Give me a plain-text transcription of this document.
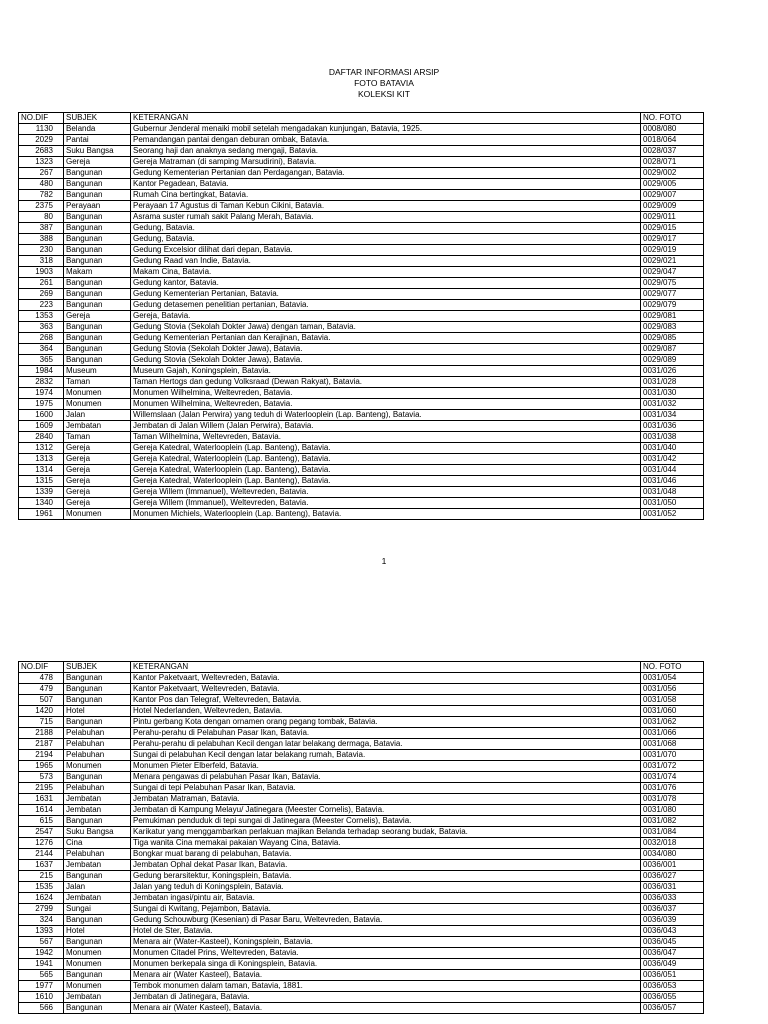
DAFTAR INFORMASI ARSIP
FOTO BATAVIA
KOLEKSI KIT
NO.DIF	SUBJEK	KETERANGAN	NO. FOTO
1130	Belanda	Gubernur Jenderal menaiki mobil setelah mengadakan kunjungan, Batavia, 1925.	0008/080
2029	Pantai	Pemandangan pantai dengan deburan ombak, Batavia.	0018/064
2683	Suku Bangsa	Seorang haji dan anaknya sedang mengaji, Batavia.	0028/037
1323	Gereja	Gereja Matraman (di samping Marsudirini), Batavia.	0028/071
267	Bangunan	Gedung Kementerian Pertanian dan Perdagangan, Batavia.	0029/002
480	Bangunan	Kantor Pegadean, Batavia.	0029/005
782	Bangunan	Rumah Cina bertingkat, Batavia.	0029/007
2375	Perayaan	Perayaan 17 Agustus di Taman Kebun Cikini, Batavia.	0029/009
80	Bangunan	Asrama suster rumah sakit Palang Merah, Batavia.	0029/011
387	Bangunan	Gedung, Batavia.	0029/015
388	Bangunan	Gedung, Batavia.	0029/017
230	Bangunan	Gedung Excelsior dilihat dari depan, Batavia.	0029/019
318	Bangunan	Gedung Raad van Indie, Batavia.	0029/021
1903	Makam	Makam Cina, Batavia.	0029/047
261	Bangunan	Gedung kantor, Batavia.	0029/075
269	Bangunan	Gedung Kementerian Pertanian, Batavia.	0029/077
223	Bangunan	Gedung detasemen penelitian pertanian, Batavia.	0029/079
1353	Gereja	Gereja, Batavia.	0029/081
363	Bangunan	Gedung Stovia (Sekolah Dokter Jawa) dengan taman, Batavia.	0029/083
268	Bangunan	Gedung Kementerian Pertanian dan Kerajinan, Batavia.	0029/085
364	Bangunan	Gedung Stovia (Sekolah Dokter Jawa), Batavia.	0029/087
365	Bangunan	Gedung Stovia (Sekolah Dokter Jawa), Batavia.	0029/089
1984	Museum	Museum Gajah, Koningsplein, Batavia.	0031/026
2832	Taman	Taman Hertogs dan gedung Volksraad (Dewan Rakyat), Batavia.	0031/028
1974	Monumen	Monumen Wilhelmina, Weltevreden, Batavia.	0031/030
1975	Monumen	Monumen Wilhelmina, Weltevreden, Batavia.	0031/032
1600	Jalan	Willemslaan (Jalan Perwira) yang teduh di Waterlooplein (Lap. Banteng), Batavia.	0031/034
1609	Jembatan	Jembatan di Jalan Willem (Jalan Perwira), Batavia.	0031/036
2840	Taman	Taman Wilhelmina, Weltevreden, Batavia.	0031/038
1312	Gereja	Gereja Katedral, Waterlooplein (Lap. Banteng), Batavia.	0031/040
1313	Gereja	Gereja Katedral, Waterlooplein (Lap. Banteng), Batavia.	0031/042
1314	Gereja	Gereja Katedral, Waterlooplein (Lap. Banteng), Batavia.	0031/044
1315	Gereja	Gereja Katedral, Waterlooplein (Lap. Banteng), Batavia.	0031/046
1339	Gereja	Gereja Willem (Immanuel), Weltevreden, Batavia.	0031/048
1340	Gereja	Gereja Willem (Immanuel), Weltevreden, Batavia.	0031/050
1961	Monumen	Monumen Michiels, Waterlooplein (Lap. Banteng), Batavia.	0031/052
1
NO.DIF	SUBJEK	KETERANGAN	NO. FOTO
478	Bangunan	Kantor Paketvaart, Weltevreden, Batavia.	0031/054
479	Bangunan	Kantor Paketvaart, Weltevreden, Batavia.	0031/056
507	Bangunan	Kantor Pos dan Telegraf, Weltevreden, Batavia.	0031/058
1420	Hotel	Hotel Nederlanden, Weltevreden, Batavia.	0031/060
715	Bangunan	Pintu gerbang Kota dengan ornamen orang pegang tombak, Batavia.	0031/062
2188	Pelabuhan	Perahu-perahu di Pelabuhan Pasar Ikan, Batavia.	0031/066
2187	Pelabuhan	Perahu-perahu di pelabuhan Kecil dengan latar belakang dermaga, Batavia.	0031/068
2194	Pelabuhan	Sungai di pelabuhan Kecil dengan latar belakang rumah, Batavia.	0031/070
1965	Monumen	Monumen Pieter Elberfeld, Batavia.	0031/072
573	Bangunan	Menara pengawas di pelabuhan Pasar Ikan, Batavia.	0031/074
2195	Pelabuhan	Sungai di tepi Pelabuhan Pasar Ikan, Batavia.	0031/076
1631	Jembatan	Jembatan Matraman, Batavia.	0031/078
1614	Jembatan	Jembatan di Kampung Melayu/ Jatinegara (Meester Cornelis), Batavia.	0031/080
615	Bangunan	Pemukiman penduduk di tepi sungai di Jatinegara (Meester Cornelis), Batavia.	0031/082
2547	Suku Bangsa	Karikatur yang menggambarkan perlakuan majikan Belanda terhadap seorang budak, Batavia.	0031/084
1276	Cina	Tiga wanita Cina memakai pakaian Wayang Cina, Batavia.	0032/018
2144	Pelabuhan	Bongkar muat barang di pelabuhan, Batavia.	0034/080
1637	Jembatan	Jembatan Ophal dekat Pasar Ikan, Batavia.	0036/001
215	Bangunan	Gedung berarsitektur, Koningsplein, Batavia.	0036/027
1535	Jalan	Jalan yang teduh di Koningsplein, Batavia.	0036/031
1624	Jembatan	Jembatan ingasi/pintu air, Batavia.	0036/033
2799	Sungai	Sungai di Kwitang, Pejambon, Batavia.	0036/037
324	Bangunan	Gedung Schouwburg (Kesenian) di Pasar Baru, Weltevreden, Batavia.	0036/039
1393	Hotel	Hotel de Ster, Batavia.	0036/043
567	Bangunan	Menara air (Water-Kasteel), Koningsplein, Batavia.	0036/045
1942	Monumen	Monumen Citadel Prins, Weltevreden, Batavia.	0036/047
1941	Monumen	Monumen berkepala singa di Koningsplein, Batavia.	0036/049
565	Bangunan	Menara air (Water Kasteel), Batavia.	0036/051
1977	Monumen	Tembok monumen dalam taman, Batavia, 1881.	0036/053
1610	Jembatan	Jembatan di Jatinegara, Batavia.	0036/055
566	Bangunan	Menara air (Water Kasteel), Batavia.	0036/057
